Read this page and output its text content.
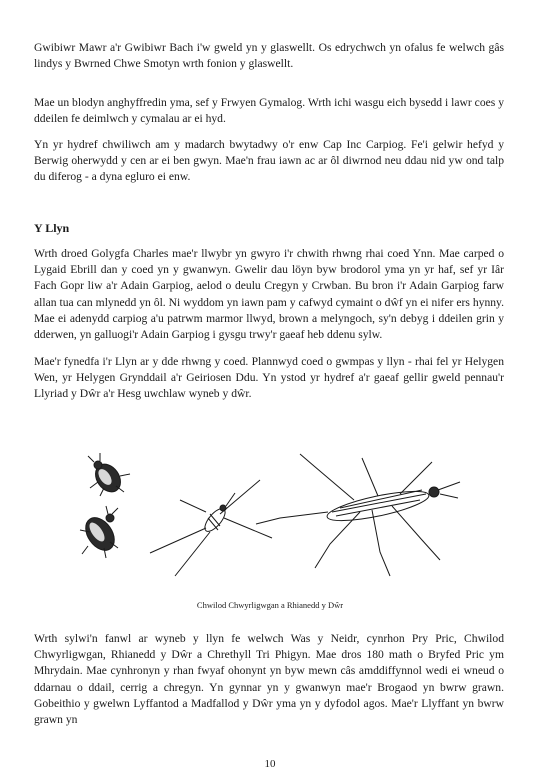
Gwibiwr Mawr a'r Gwibiwr Bach i'w gweld yn y glaswellt. Os edrychwch yn ofalus fe welwch gâs lindys y Bwrned Chwe Smotyn wrth fonion y glaswellt.

Mae un blodyn anghyffredin yma, sef y Frwyen Gymalog. Wrth ichi wasgu eich bysedd i lawr coes y ddeilen fe deimlwch y cymalau ar ei hyd.

Yn yr hydref chwiliwch am y madarch bwytadwy o'r enw Cap Inc Carpiog. Fe'i gelwir hefyd y Berwig oherwydd y cen ar ei ben gwyn. Mae'n frau iawn ac ar ôl diwrnod neu ddau nid yw ond talp du diferog - a dyna egluro ei enw.

Y Llyn

Wrth droed Golygfa Charles mae'r llwybr yn gwyro i'r chwith rhwng rhai coed Ynn. Mae carped o Lygaid Ebrill dan y coed yn y gwanwyn. Gwelir dau löyn byw brodorol yma yn yr haf, sef yr Iâr Fach Gopr liw a'r Adain Garpiog, aelod o deulu Cregyn y Crwban. Bu bron i'r Adain Garpiog farw allan tua can mlynedd yn ôl. Ni wyddom yn iawn pam y cafwyd cymaint o dŵf yn ei nifer ers hynny. Mae ei adenydd carpiog a'u patrwm marmor llwyd, brown a melyngoch, sy'n debyg i ddeilen grin y dderwen, yn galluogi'r Adain Garpiog i gysgu trwy'r gaeaf heb ddenu sylw.

Mae'r fynedfa i'r Llyn ar y dde rhwng y coed. Plannwyd coed o gwmpas y llyn - rhai fel yr Helygen Wen, yr Helygen Grynddail a'r Geiriosen Ddu. Yn ystod yr hydref a'r gaeaf gellir gweld pennau'r Llyriad y Dŵr a'r Hesg uwchlaw wyneb y dŵr.

Chwilod Chwyrligwgan a Rhianedd y Dŵr

Wrth sylwi'n fanwl ar wyneb y llyn fe welwch Was y Neidr, cynrhon Pry Pric, Chwilod Chwyrligwgan, Rhianedd y Dŵr a Chrethyll Tri Phigyn. Mae dros 180 math o Bryfed Pric ym Mhrydain. Mae cynhronyn y rhan fwyaf ohonynt yn byw mewn câs amddiffynnol wedi ei wneud o ddarnau o ddail, cerrig a chregyn. Yn gynnar yn y gwanwyn mae'r Brogaod yn bwrw grawn. Gobeithio y gwelwn Lyffantod a Madfallod y Dŵr yma yn y dyfodol agos. Mae'r Llyffant yn bwrw grawn yn

10
